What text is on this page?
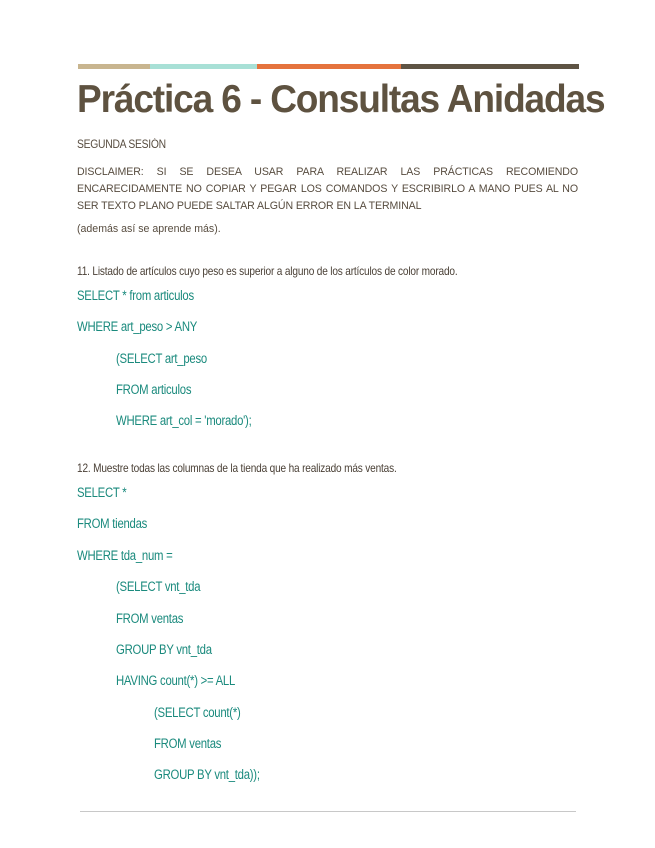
Práctica 6 - Consultas Anidadas
SEGUNDA SESIÓN
DISCLAIMER: SI SE DESEA USAR PARA REALIZAR LAS PRÁCTICAS RECOMIENDO ENCARECIDAMENTE NO COPIAR Y PEGAR LOS COMANDOS Y ESCRIBIRLO A MANO PUES AL NO SER TEXTO PLANO PUEDE SALTAR ALGÚN ERROR EN LA TERMINAL
(además así se aprende más).
11. Listado de artículos cuyo peso es superior a alguno de los artículos de color morado.
SELECT * from articulos
WHERE art_peso > ANY
(SELECT art_peso
FROM articulos
WHERE art_col = 'morado');
12. Muestre todas las columnas de la tienda que ha realizado más ventas.
SELECT *
FROM tiendas
WHERE tda_num =
(SELECT vnt_tda
FROM ventas
GROUP BY vnt_tda
HAVING count(*) >= ALL
(SELECT count(*)
FROM ventas
GROUP BY vnt_tda));
